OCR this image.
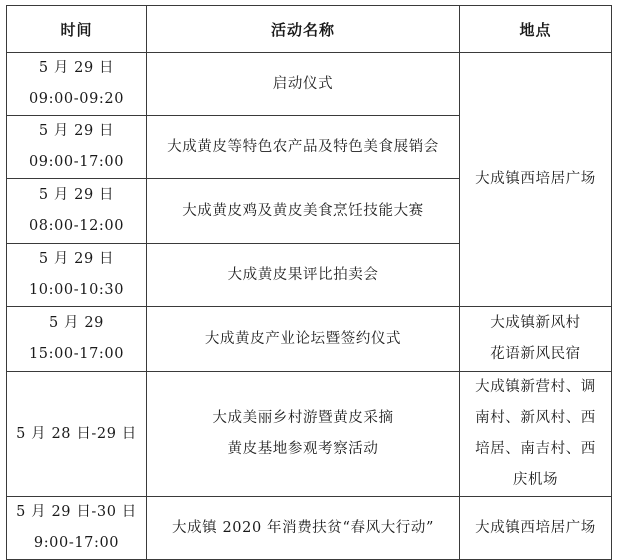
时间	活动名称	地点

5 月 29 日
09:00-09:20	启动仪式	大成镇西培居广场

5 月 29 日
09:00-17:00	大成黄皮等特色农产品及特色美食展销会	

5 月 29 日
08:00-12:00	大成黄皮鸡及黄皮美食烹饪技能大赛	

5 月 29 日
10:00-10:30	大成黄皮果评比拍卖会	

5 月 29
15:00-17:00	大成黄皮产业论坛暨签约仪式	大成镇新风村
花语新风民宿

5 月 28 日-29 日	大成美丽乡村游暨黄皮采摘
黄皮基地参观考察活动	大成镇新营村、调
南村、新风村、西
培居、南吉村、西
庆机场

5 月 29 日-30 日
9:00-17:00	大成镇 2020 年消费扶贫“春风大行动”	大成镇西培居广场
